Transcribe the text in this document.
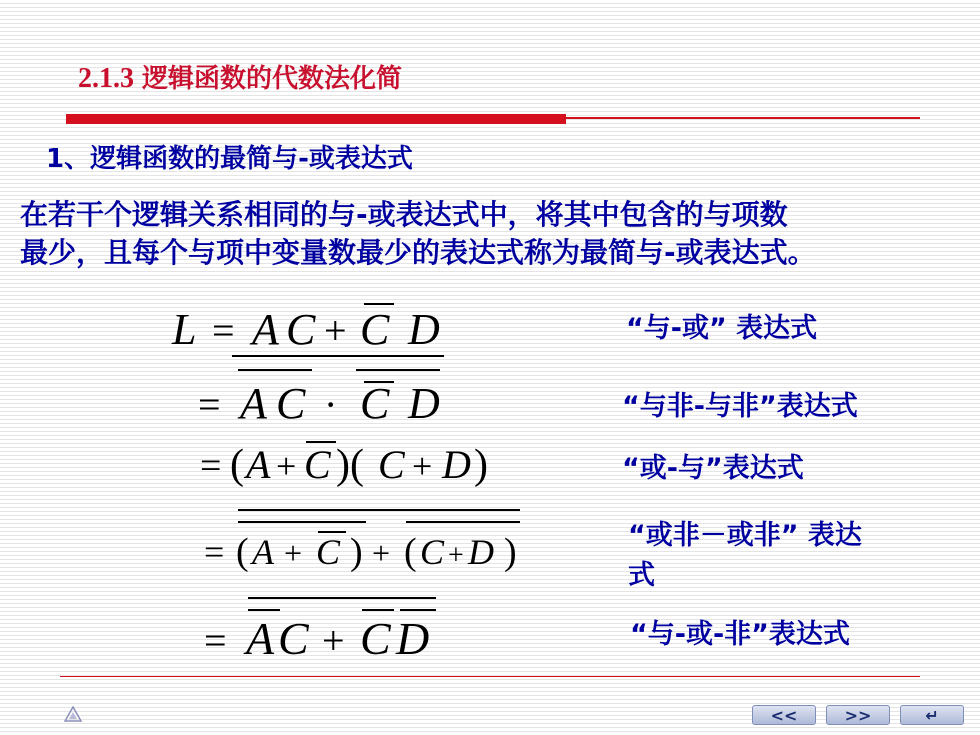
2.1.3 逻辑函数的代数法化简
1、逻辑函数的最简与-或表达式
在若干个逻辑关系相同的与-或表达式中，将其中包含的与项数
最少，且每个与项中变量数最少的表达式称为最简与-或表达式。
L = A C + C D
= A C · C D
= ( A + C )( C + D )
= ( A + C ) + ( C + D )
= A C + C D
“与-或” 表达式
“与非-与非”表达式
“或-与”表达式
“或非－或非” 表达
式
“与-或-非”表达式
<<	>>	↵
